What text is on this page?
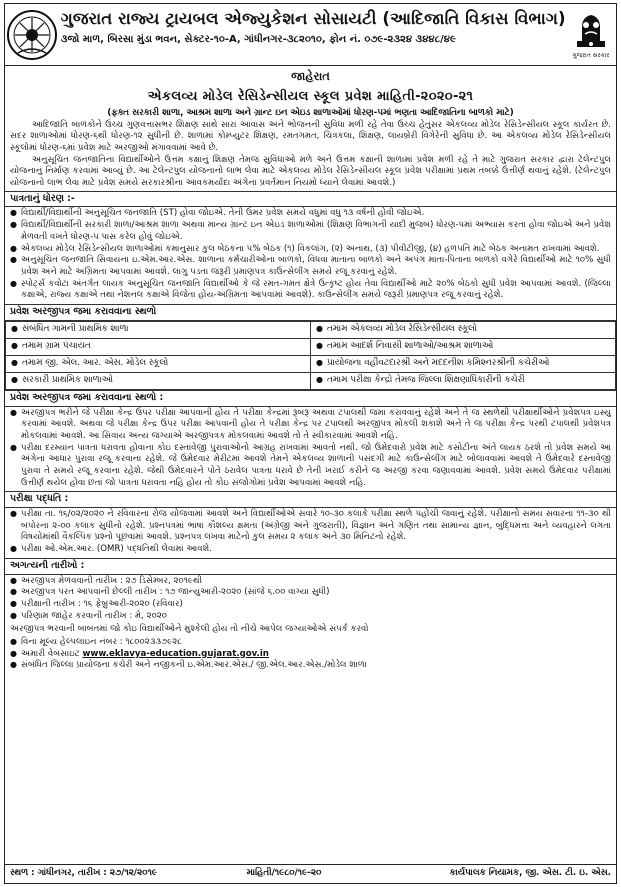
ગુજરાત રાજ્ય ટ્રાયબલ એજ્યુકેશન સોસાયટી (આદિજાતિ વિકાસ વિભાગ)
૩જો માળ, બિરસા મુંડા ભવન, સેક્ટર-૧૦-A, ગાંધીનગર-૩૮૨૦૧૦, ફોન નં. ૦૭૯-૨૩૨૪ ૩૪૪૮/૪૯
ગુજરાત સરકાર
જાહેરાત
એકલવ્ય મોડેલ રેસિડેન્સીયલ સ્કૂલ પ્રવેશ માહિતી-૨૦૨૦-૨૧
(ફક્ત સરકારી શાળા, આશ્રમ શાળા અને ગ્રાન્ટ ઇન એઇડ શાળાઓમાં ધોરણ-પમાં ભણતા આદિજાતિના બાળકો માટે)

આદિજાતિ બાળકોને ઉચ્ચ ગુણવત્તાસભર શિક્ષણ સાથે સારા આવાસ અને ભોજનની સુવિધા મળી રહે તેવા ઉચ્ચ હેતુસર એકલવ્ય મોડેલ રેસિડેન્સીયલ સ્કૂલ કાર્યરત છે. સદર શાળાઓમાં ધોરણ-૬થી ધોરણ-૧૨ સુધીની છે. શાળામાં કોમ્પ્યુટર શિક્ષણ, રમતગમત, ચિત્રકલા, શિક્ષણ, લાયબ્રેરી વિગેરેની સુવિધા છે. આ એકલવ્ય મોડેલ રેસિડેન્સીયલ સ્કૂલોમાં ધોરણ-૬માં પ્રવેશ માટે અરજીઓ મંગાવવામાં આવે છે.

અનુસૂચિત જનજાતિના વિદ્યાર્થીઓને ઉત્તમ કક્ષાનું શિક્ષણ તેમજ સુવિધાઓ મળે અને ઉત્તમ કક્ષાની શાળામાં પ્રવેશ મળી રહે તે માટે ગુજરાત સરકાર દ્વારા ટેલેન્ટપુલ યોજનાનું નિર્માણ કરવામાં આવ્યું છે. આ ટેલેન્ટપુલ યોજનાનો લાભ લેવા માટે એકલવ્ય મોડેલ રેસિડેન્સીયલ સ્કૂલ પ્રવેશ પરીક્ષામાં પ્રથમ તબક્કે ઉત્તીર્ણ થવાનું રહેશે. (ટેલેન્ટપુલ યોજનાનો લાભ લેવા માટે પ્રવેશ સમયે સરકારશ્રીના આવકમર્યાદા અંગેના પ્રવર્તમાન નિયમો ધ્યાને લેવામાં આવશે.)

પાત્રતાનું ધોરણ :-
● વિદ્યાર્થી/વિદ્યાર્થીની અનુસૂચિત જનજાતિ (ST) હોવા જોઇએ. તેની ઉંમર પ્રવેશ સમયે વધુમાં વધુ ૧૩ વર્ષની હોવી જોઇએ.
● વિદ્યાર્થી/વિદ્યાર્થીની સરકારી શાળા/આશ્રમ શાળા અથવા માન્ય ગ્રાન્ટ ઇન એઇડ શાળાઓમાં (શિક્ષણ વિભાગની યાદી મુજબ) ધોરણ-પમાં અભ્યાસ કરતા હોવા જોઇએ અને પ્રવેશ મેળવતી વખતે ધોરણ-પ પાસ કરેલ હોવું જોઇએ.
● એકલવ્ય મોડેલ રેસિડેન્સીયલ શાળાઓમાં કમાનુસાર કુલ બેઠકના ૫% બેઠક (૧) વિકલાંગ, (૨) અનાથ, (૩) પીવીટીજી, (૪) હળપતિ માટે બેઠક અનામત રાખવામાં આવશે.
● અનુસૂચિત જનજાતિ સિવાયના ઇ.એમ.આર.એસ. શાળાના કર્મચારીઓના બાળકો, વિધવા માતાના બાળકો અને અપંગ માતા-પિતાના બાળકો વગેરે વિદ્યાર્થીઓ માટે ૧૦% સુધી પ્રવેશ અને માટે અગ્રિમતા આપવામાં આવશે. લાગુ પડતા જરૂરી પ્રમાણપત્ર કાઉન્સેલીંગ સમયે રજૂ કરવાનું રહેશે.
● સ્પોર્ટ્સ કવોટા અંતર્ગત લાયક અનુસૂચિત જનજાતિ વિદ્યાર્થીઓ કે જે રમત-ગમત ક્ષેત્રે ઉત્કૃષ્ટ હોય તેવા વિદ્યાર્થીઓ માટે ૨૦% બેઠકો સુધી પ્રવેશ આપવામાં આવશે. (જિલ્લા કક્ષાએ, રાજ્ય કક્ષાએ તથા નેશનલ કક્ષાએ વિજેતા હોય-અગ્રિમતા આપવામાં આવશે). કાઉન્સેલીંગ સમયે જરૂરી પ્રમાણપત્ર રજૂ કરવાનું રહેશે.
પ્રવેશ અરજીપત્ર જમા કરાવવાના સ્થળો
● સંબંધિત ગામની પ્રાથમિક શાળા	● તમામ એકલવ્ય મોડેલ રેસિડેન્સીયલ સ્કૂલો
● તમામ ગ્રામ પંચાયત	● તમામ આદર્શ નિવાસી શાળાઓ/આશ્રમ શાળાઓ
● તમામ જી. એલ. આર. એસ. મોડેલ સ્કૂલો	● પ્રાયોજના વહીવટદારશ્રી અને મદદનીશ કમિશ્નરશ્રીની કચેરીઓ
● સરકારી પ્રાથમિક શાળાઓ	● તમામ પરીક્ષા કેન્દ્રો તેમજ જિલ્લા શિક્ષણાધિકારીની કચેરી
પ્રવેશ અરજીપત્ર જમા કરાવવાના સ્થળો :
● અરજીપત્ર ભરીને જે પરીક્ષા કેન્દ્ર ઉપર પરીક્ષા આપવાની હોય તે પરીક્ષા કેન્દ્રમાં રૂબરૂ અથવા ટપાલથી જમા કરાવવાનું રહેશે અને તે જ સ્થળેથી પરીક્ષાર્થીઓને પ્રવેશપત્ર ઇસ્યુ કરવામાં આવશે. અથવા જે પરીક્ષા કેન્દ્ર ઉપર પરીક્ષા આપવાની હોય તે પરીક્ષા કેન્દ્ર પર ટપાલથી અરજીપત્ર મોકલી શકાશે અને તે જ પરીક્ષા કેન્દ્ર પરથી ટપાલથી પ્રવેશપત્ર મોકલવામાં આવશે. આ સિવાય અન્ય જગ્યાએ અરજીપત્રક મોકલવામાં આવશે તો તે સ્વીકારવામાં આવશે નહિ.
● પરીક્ષા દરમ્યાન પાત્રતા ધરાવતા હોવાના કોઇ દસ્તાવેજી પુરાવાઓનો આગ્રહ રાખવામાં આવતો નથી. જો ઉમેદવારો પ્રવેશ માટે કસોટીના અંતે લાયક ઠરશે તો પ્રવેશ સમયે આ અંગેના આધાર પુરાવા રજૂ કરવાના રહેશે. જે ઉમેદવાર મેરીટમાં આવશે તેમને એકલવ્ય શાળાની પસંદગી માટે કાઉન્સેલીંગ માટે બોલાવવામાં આવશે તે ઉમેદવારે દસ્તાવેજી પુરાવા તે સમયે રજૂ કરવાના રહેશે. જેથી ઉમેદવારને પોતે ઠરાવેલ પાત્રતા ધરાવે છે તેની ખરાઈ કરીને જ અરજી કરવા જણાવવામાં આવશે. પ્રવેશ સમયે ઉમેદવાર પરીક્ષામાં ઉત્તીર્ણ થયેલ હોવા છતાં જો પાત્રતા ધરાવતા નહિ હોય તો કોઇ સંજોગોમાં પ્રવેશ આપવામાં આવશે નહિ.
પરીક્ષા પદ્ધતિ :
● પરીક્ષા તા. ૧૬/૦૨/૨૦૨૦ ને રવિવારના રોજ યોજવામાં આવશે અને વિદ્યાર્થીઓએ સવારે ૧૦-૩૦ કલાકે પરીક્ષા સ્થળે પહોંચી જવાનું રહેશે. પરીક્ષાનો સમય સવારના ૧૧-૩૦ થી બપોરના ૨-૦૦ કલાક સુધીનો રહેશે. પ્રશ્નપત્રમાં ભાષા કૌશલ્ય ક્ષમતા (અંગ્રેજી અને ગુજરાતી), વિજ્ઞાન અને ગણિત તથા સામાન્ય જ્ઞાન, બુદ્ધિમત્તા અને વ્યવહારને લગતા વિષયોમાંથી વૈકલ્પિક પ્રશ્નો પૂછવામાં આવશે. પ્રશ્નપત્ર લખવા માટેનો કુલ સમય ૨ કલાક અને ૩૦ મિનિટનો રહેશે.
● પરીક્ષા ઓ.એમ.આર. (OMR) પદ્ધતિથી લેવામાં આવશે.
અગત્યની તારીખો :
● અરજીપત્ર મેળવવાની તારીખ : ૨૭ ડિસેમ્બર, ૨૦૧૯થી
● અરજીપત્ર પરત આપવાની છેલ્લી તારીખ : ૧૭ જાન્યુઆરી-૨૦૨૦ (સાંજે ૬.૦૦ વાગ્યા સુધી)
● પરીક્ષાની તારીખ : ૧૬ ફેબ્રુઆરી-૨૦૨૦ (રવિવાર)
● પરિણામ જાહેર કરવાની તારીખ : મે, ૨૦૨૦
અરજીપત્ર ભરવાની બાબતમાં જો કોઇ વિદ્યાર્થીઓને મુશ્કેલી હોય તો નીચે આપેલ જગ્યાઓએ સંપર્ક કરવો
● વિના મૂલ્ય હેલ્પલાઇન નંબર : ૧૮૦૦૨૩૩૭૯૨૮
● અમારી વેબસાઇટ www.eklavya-education.gujarat.gov.in
● સંબંધિત જિલ્લા પ્રાયોજના કચેરી અને નજીકની ઇ.એમ.આર.એસ./ જી.એલ.આર.એસ./મોડેલ શાળા
સ્થળ : ગાંધીનગર, તારીખ : ૨૭/૧૨/૨૦૧૯	માહિતી/૧૯૮૦/૧૯-૨૦	કાર્યપાલક નિયામક, જી. એસ. ટી. ઇ. એસ.
